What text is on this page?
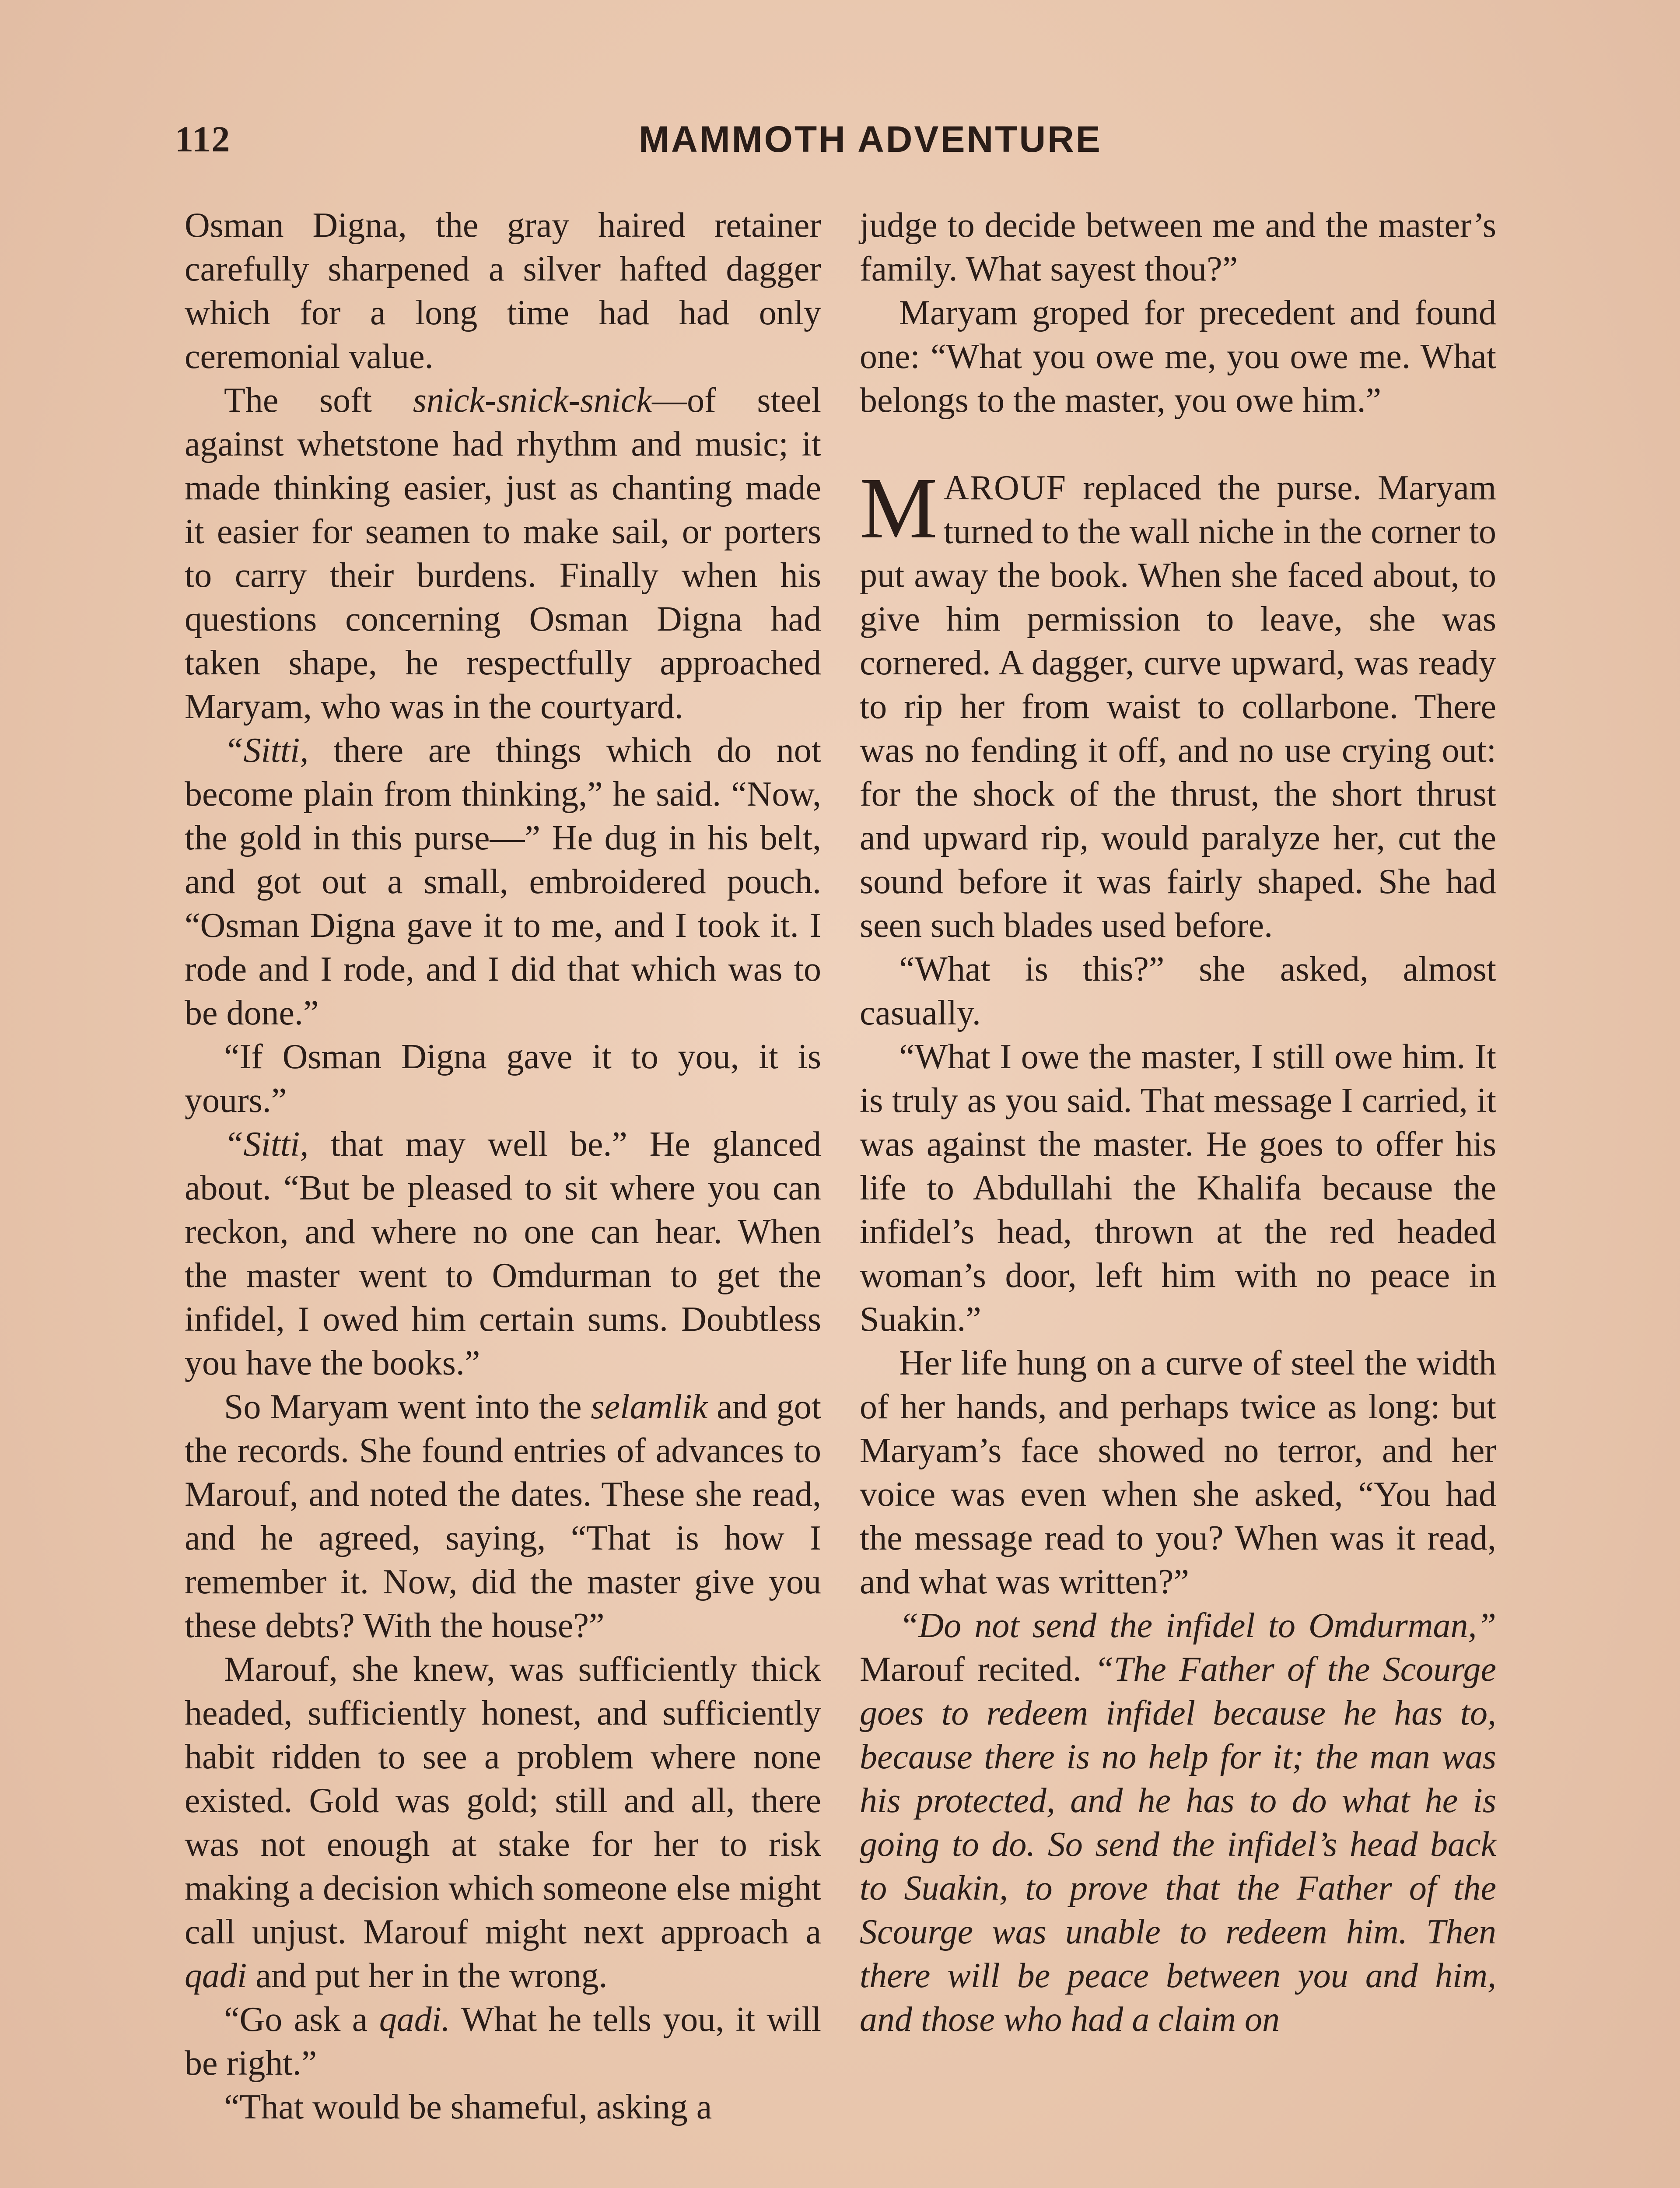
112	MAMMOTH ADVENTURE

Osman Digna, the gray haired retainer carefully sharpened a silver hafted dagger which for a long time had had only ceremonial value.

The soft snick-snick-snick—of steel against whetstone had rhythm and music; it made thinking easier, just as chanting made it easier for seamen to make sail, or porters to carry their burdens. Finally when his questions concerning Osman Digna had taken shape, he respectfully approached Maryam, who was in the courtyard.

“Sitti, there are things which do not become plain from thinking,” he said. “Now, the gold in this purse—” He dug in his belt, and got out a small, embroidered pouch. “Osman Digna gave it to me, and I took it. I rode and I rode, and I did that which was to be done.”

“If Osman Digna gave it to you, it is yours.”

“Sitti, that may well be.” He glanced about. “But be pleased to sit where you can reckon, and where no one can hear. When the master went to Omdurman to get the infidel, I owed him certain sums. Doubtless you have the books.”

So Maryam went into the selamlik and got the records. She found entries of advances to Marouf, and noted the dates. These she read, and he agreed, saying, “That is how I remember it. Now, did the master give you these debts? With the house?”

Marouf, she knew, was sufficiently thick headed, sufficiently honest, and sufficiently habit ridden to see a problem where none existed. Gold was gold; still and all, there was not enough at stake for her to risk making a decision which someone else might call unjust. Marouf might next approach a qadi and put her in the wrong.

“Go ask a qadi. What he tells you, it will be right.”

“That would be shameful, asking a

judge to decide between me and the master’s family. What sayest thou?”

Maryam groped for precedent and found one: “What you owe me, you owe me. What belongs to the master, you owe him.”

MAROUF replaced the purse. Maryam turned to the wall niche in the corner to put away the book. When she faced about, to give him permission to leave, she was cornered. A dagger, curve upward, was ready to rip her from waist to collarbone. There was no fending it off, and no use crying out: for the shock of the thrust, the short thrust and upward rip, would paralyze her, cut the sound before it was fairly shaped. She had seen such blades used before.

“What is this?” she asked, almost casually.

“What I owe the master, I still owe him. It is truly as you said. That message I carried, it was against the master. He goes to offer his life to Abdullahi the Khalifa because the infidel’s head, thrown at the red headed woman’s door, left him with no peace in Suakin.”

Her life hung on a curve of steel the width of her hands, and perhaps twice as long: but Maryam’s face showed no terror, and her voice was even when she asked, “You had the message read to you? When was it read, and what was written?”

“Do not send the infidel to Omdurman,” Marouf recited. “The Father of the Scourge goes to redeem infidel because he has to, because there is no help for it; the man was his protected, and he has to do what he is going to do. So send the infidel’s head back to Suakin, to prove that the Father of the Scourge was unable to redeem him. Then there will be peace between you and him, and those who had a claim on
